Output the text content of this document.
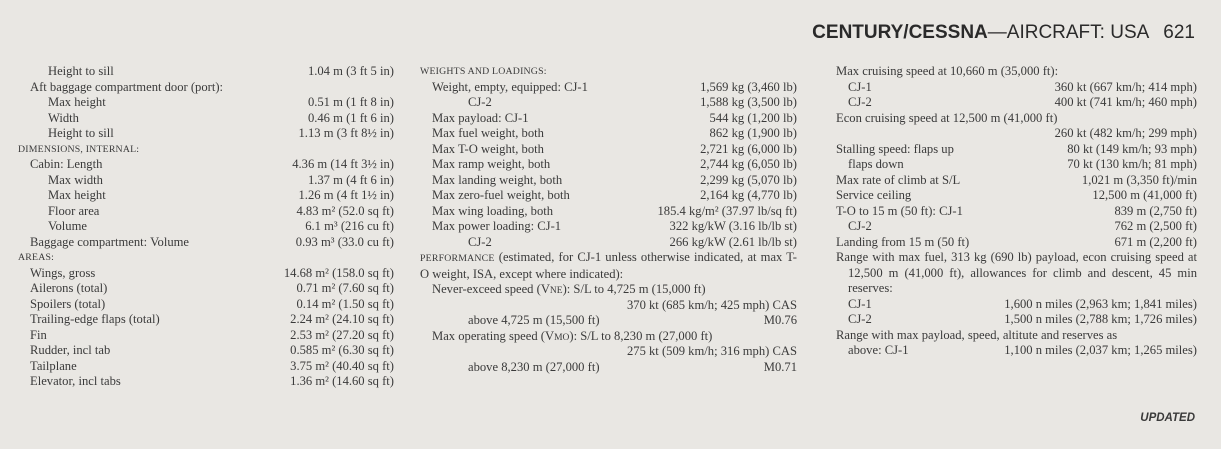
CENTURY/CESSNA—AIRCRAFT: USA 621
Height to sill	1.04 m (3 ft 5 in)
Aft baggage compartment door (port):
Max height	0.51 m (1 ft 8 in)
Width	0.46 m (1 ft 6 in)
Height to sill	1.13 m (3 ft 8½ in)
DIMENSIONS, INTERNAL:
Cabin: Length	4.36 m (14 ft 3½ in)
Max width	1.37 m (4 ft 6 in)
Max height	1.26 m (4 ft 1½ in)
Floor area	4.83 m² (52.0 sq ft)
Volume	6.1 m³ (216 cu ft)
Baggage compartment: Volume	0.93 m³ (33.0 cu ft)
AREAS:
Wings, gross	14.68 m² (158.0 sq ft)
Ailerons (total)	0.71 m² (7.60 sq ft)
Spoilers (total)	0.14 m² (1.50 sq ft)
Trailing-edge flaps (total)	2.24 m² (24.10 sq ft)
Fin	2.53 m² (27.20 sq ft)
Rudder, incl tab	0.585 m² (6.30 sq ft)
Tailplane	3.75 m² (40.40 sq ft)
Elevator, incl tabs	1.36 m² (14.60 sq ft)
WEIGHTS AND LOADINGS:
Weight, empty, equipped: CJ-1	1,569 kg (3,460 lb)
CJ-2	1,588 kg (3,500 lb)
Max payload: CJ-1	544 kg (1,200 lb)
Max fuel weight, both	862 kg (1,900 lb)
Max T-O weight, both	2,721 kg (6,000 lb)
Max ramp weight, both	2,744 kg (6,050 lb)
Max landing weight, both	2,299 kg (5,070 lb)
Max zero-fuel weight, both	2,164 kg (4,770 lb)
Max wing loading, both	185.4 kg/m² (37.97 lb/sq ft)
Max power loading: CJ-1	322 kg/kW (3.16 lb/lb st)
CJ-2	266 kg/kW (2.61 lb/lb st)
PERFORMANCE (estimated, for CJ-1 unless otherwise indicated, at max T-O weight, ISA, except where indicated):
Never-exceed speed (VNE): S/L to 4,725 m (15,000 ft)
370 kt (685 km/h; 425 mph) CAS
above 4,725 m (15,500 ft)	M0.76
Max operating speed (VMO): S/L to 8,230 m (27,000 ft)
275 kt (509 km/h; 316 mph) CAS
above 8,230 m (27,000 ft)	M0.71
Max cruising speed at 10,660 m (35,000 ft):
CJ-1	360 kt (667 km/h; 414 mph)
CJ-2	400 kt (741 km/h; 460 mph)
Econ cruising speed at 12,500 m (41,000 ft)
260 kt (482 km/h; 299 mph)
Stalling speed: flaps up	80 kt (149 km/h; 93 mph)
flaps down	70 kt (130 km/h; 81 mph)
Max rate of climb at S/L	1,021 m (3,350 ft)/min
Service ceiling	12,500 m (41,000 ft)
T-O to 15 m (50 ft): CJ-1	839 m (2,750 ft)
CJ-2	762 m (2,500 ft)
Landing from 15 m (50 ft)	671 m (2,200 ft)
Range with max fuel, 313 kg (690 lb) payload, econ cruising speed at 12,500 m (41,000 ft), allowances for climb and descent, 45 min reserves:
CJ-1	1,600 n miles (2,963 km; 1,841 miles)
CJ-2	1,500 n miles (2,788 km; 1,726 miles)
Range with max payload, speed, altitute and reserves as
above: CJ-1	1,100 n miles (2,037 km; 1,265 miles)
UPDATED
